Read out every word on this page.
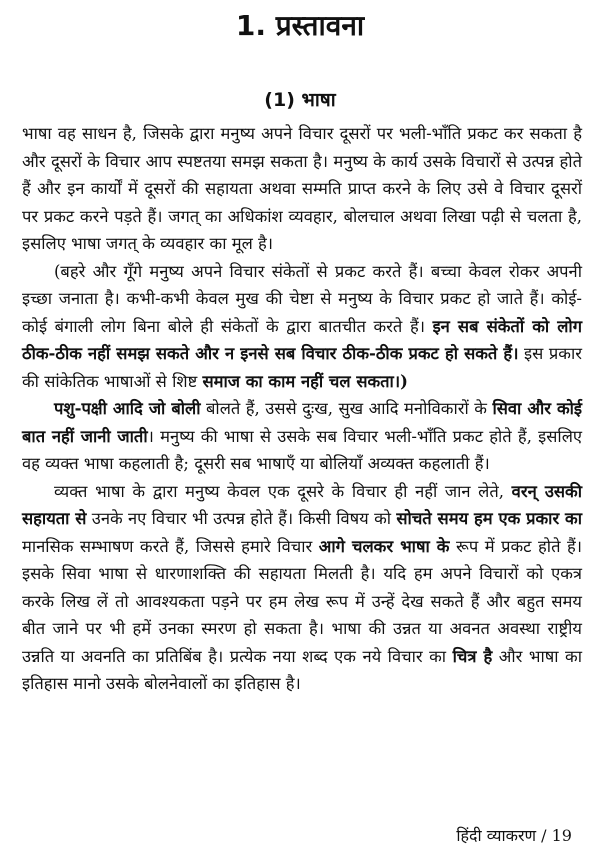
1. प्रस्तावना
(1) भाषा

भाषा वह साधन है, जिसके द्वारा मनुष्य अपने विचार दूसरों पर भली-भाँति प्रकट कर सकता है और दूसरों के विचार आप स्पष्टतया समझ सकता है। मनुष्य के कार्य उसके विचारों से उत्पन्न होते हैं और इन कार्यों में दूसरों की सहायता अथवा सम्मति प्राप्त करने के लिए उसे वे विचार दूसरों पर प्रकट करने पड़ते हैं। जगत् का अधिकांश व्यवहार, बोलचाल अथवा लिखा पढ़ी से चलता है, इसलिए भाषा जगत् के व्यवहार का मूल है।

(बहरे और गूँगे मनुष्य अपने विचार संकेतों से प्रकट करते हैं। बच्चा केवल रोकर अपनी इच्छा जनाता है। कभी-कभी केवल मुख की चेष्टा से मनुष्य के विचार प्रकट हो जाते हैं। कोई-कोई बंगाली लोग बिना बोले ही संकेतों के द्वारा बातचीत करते हैं। इन सब संकेतों को लोग ठीक-ठीक नहीं समझ सकते और न इनसे सब विचार ठीक-ठीक प्रकट हो सकते हैं। इस प्रकार की सांकेतिक भाषाओं से शिष्ट समाज का काम नहीं चल सकता।)

पशु-पक्षी आदि जो बोली बोलते हैं, उससे दुःख, सुख आदि मनोविकारों के सिवा और कोई बात नहीं जानी जाती। मनुष्य की भाषा से उसके सब विचार भली-भाँति प्रकट होते हैं, इसलिए वह व्यक्त भाषा कहलाती है; दूसरी सब भाषाएँ या बोलियाँ अव्यक्त कहलाती हैं।

व्यक्त भाषा के द्वारा मनुष्य केवल एक दूसरे के विचार ही नहीं जान लेते, वरन् उसकी सहायता से उनके नए विचार भी उत्पन्न होते हैं। किसी विषय को सोचते समय हम एक प्रकार का मानसिक सम्भाषण करते हैं, जिससे हमारे विचार आगे चलकर भाषा के रूप में प्रकट होते हैं। इसके सिवा भाषा से धारणाशक्ति की सहायता मिलती है। यदि हम अपने विचारों को एकत्र करके लिख लें तो आवश्यकता पड़ने पर हम लेख रूप में उन्हें देख सकते हैं और बहुत समय बीत जाने पर भी हमें उनका स्मरण हो सकता है। भाषा की उन्नत या अवनत अवस्था राष्ट्रीय उन्नति या अवनति का प्रतिबिंब है। प्रत्येक नया शब्द एक नये विचार का चित्र है और भाषा का इतिहास मानो उसके बोलनेवालों का इतिहास है।

हिंदी व्याकरण / 19
